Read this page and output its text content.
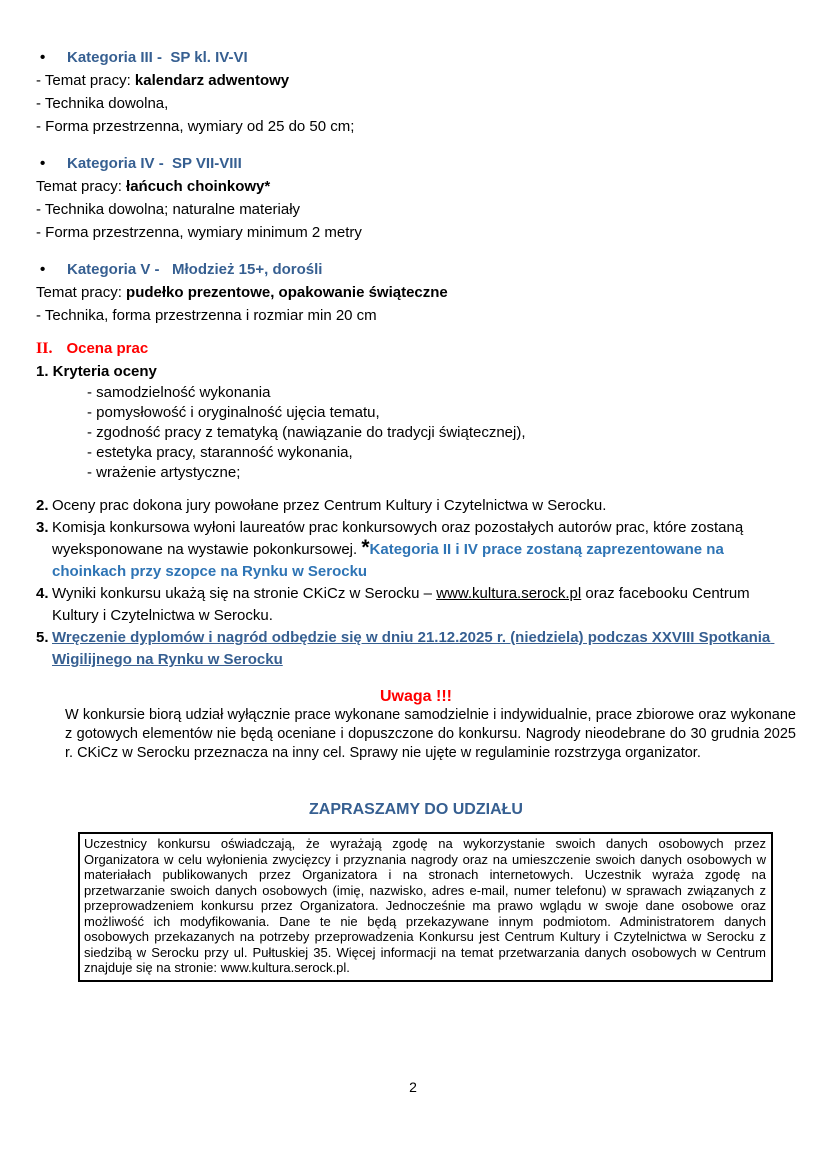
•	Kategoria III -  SP kl. IV-VI
- Temat pracy: kalendarz adwentowy
- Technika dowolna,
- Forma przestrzenna, wymiary od 25 do 50 cm;
•	Kategoria IV -  SP VII-VIII
Temat pracy: łańcuch choinkowy*
- Technika dowolna; naturalne materiały
- Forma przestrzenna, wymiary minimum 2 metry
•	Kategoria V -   Młodzież 15+, dorośli
Temat pracy: pudełko prezentowe, opakowanie świąteczne
- Technika, forma przestrzenna i rozmiar min 20 cm
II. Ocena prac
1. Kryteria oceny
- samodzielność wykonania
- pomysłowość i oryginalność ujęcia tematu,
- zgodność pracy z tematyką (nawiązanie do tradycji świątecznej),
- estetyka pracy, staranność wykonania,
- wrażenie artystyczne;
2. Oceny prac dokona jury powołane przez Centrum Kultury i Czytelnictwa w Serocku.
3. Komisja konkursowa wyłoni laureatów prac konkursowych oraz pozostałych autorów prac, które zostaną wyeksponowane na wystawie pokonkursowej. *Kategoria II i IV prace zostaną zaprezentowane na choinkach przy szopce na Rynku w Serocku
4. Wyniki konkursu ukażą się na stronie CKiCz w Serocku – www.kultura.serock.pl oraz facebooku Centrum Kultury i Czytelnictwa w Serocku.
5. Wręczenie dyplomów i nagród odbędzie się w dniu 21.12.2025 r. (niedziela) podczas XXVIII Spotkania Wigilijnego na Rynku w Serocku
Uwaga !!!
W konkursie biorą udział wyłącznie prace wykonane samodzielnie i indywidualnie, prace zbiorowe oraz wykonane z gotowych elementów nie będą oceniane i dopuszczone do konkursu. Nagrody nieodebrane do 30 grudnia 2025 r. CKiCz w Serocku przeznacza na inny cel. Sprawy nie ujęte w regulaminie rozstrzyga organizator.
ZAPRASZAMY DO UDZIAŁU
Uczestnicy konkursu oświadczają, że wyrażają zgodę na wykorzystanie swoich danych osobowych przez Organizatora w celu wyłonienia zwycięzcy i przyznania nagrody oraz na umieszczenie swoich danych osobowych w materiałach publikowanych przez Organizatora i na stronach internetowych. Uczestnik wyraża zgodę na przetwarzanie swoich danych osobowych (imię, nazwisko, adres e-mail, numer telefonu) w sprawach związanych z przeprowadzeniem konkursu przez Organizatora. Jednocześnie ma prawo wglądu w swoje dane osobowe oraz możliwość ich modyfikowania. Dane te nie będą przekazywane innym podmiotom. Administratorem danych osobowych przekazanych na potrzeby przeprowadzenia Konkursu jest Centrum Kultury i Czytelnictwa w Serocku z siedzibą w Serocku przy ul. Pułtuskiej 35. Więcej informacji na temat przetwarzania danych osobowych w Centrum znajduje się na stronie: www.kultura.serock.pl.
2
